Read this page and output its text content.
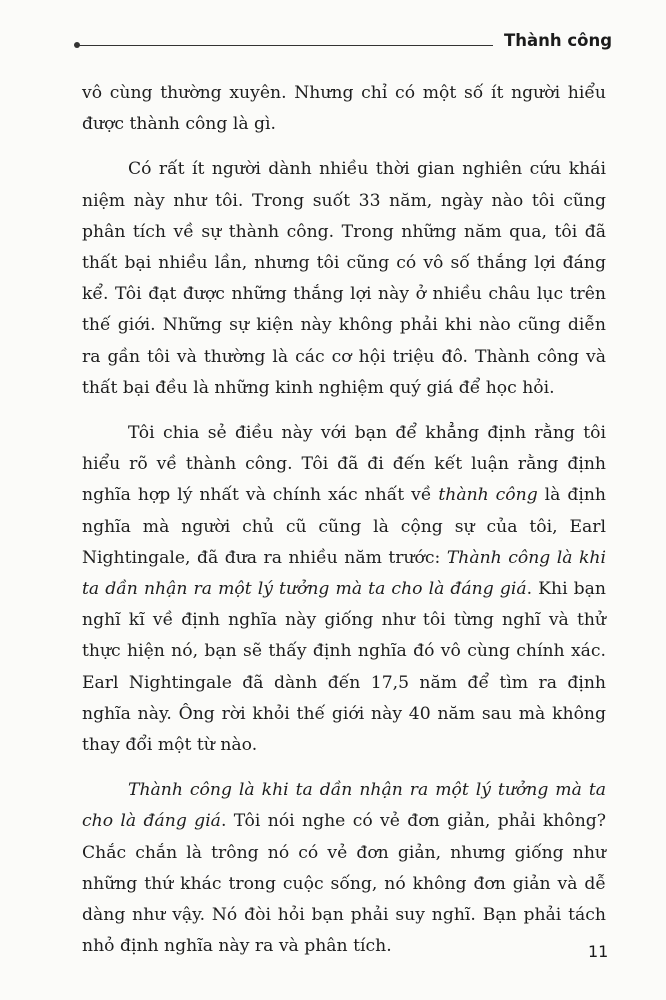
Thành công

vô cùng thường xuyên. Nhưng chỉ có một số ít người hiểu được thành công là gì.

Có rất ít người dành nhiều thời gian nghiên cứu khái niệm này như tôi. Trong suốt 33 năm, ngày nào tôi cũng phân tích về sự thành công. Trong những năm qua, tôi đã thất bại nhiều lần, nhưng tôi cũng có vô số thắng lợi đáng kể. Tôi đạt được những thắng lợi này ở nhiều châu lục trên thế giới. Những sự kiện này không phải khi nào cũng diễn ra gần tôi và thường là các cơ hội triệu đô. Thành công và thất bại đều là những kinh nghiệm quý giá để học hỏi.

Tôi chia sẻ điều này với bạn để khẳng định rằng tôi hiểu rõ về thành công. Tôi đã đi đến kết luận rằng định nghĩa hợp lý nhất và chính xác nhất về thành công là định nghĩa mà người chủ cũ cũng là cộng sự của tôi, Earl Nightingale, đã đưa ra nhiều năm trước: Thành công là khi ta dần nhận ra một lý tưởng mà ta cho là đáng giá. Khi bạn nghĩ kĩ về định nghĩa này giống như tôi từng nghĩ và thử thực hiện nó, bạn sẽ thấy định nghĩa đó vô cùng chính xác. Earl Nightingale đã dành đến 17,5 năm để tìm ra định nghĩa này. Ông rời khỏi thế giới này 40 năm sau mà không thay đổi một từ nào.

Thành công là khi ta dần nhận ra một lý tưởng mà ta cho là đáng giá. Tôi nói nghe có vẻ đơn giản, phải không? Chắc chắn là trông nó có vẻ đơn giản, nhưng giống như những thứ khác trong cuộc sống, nó không đơn giản và dễ dàng như vậy. Nó đòi hỏi bạn phải suy nghĩ. Bạn phải tách nhỏ định nghĩa này ra và phân tích.	11
